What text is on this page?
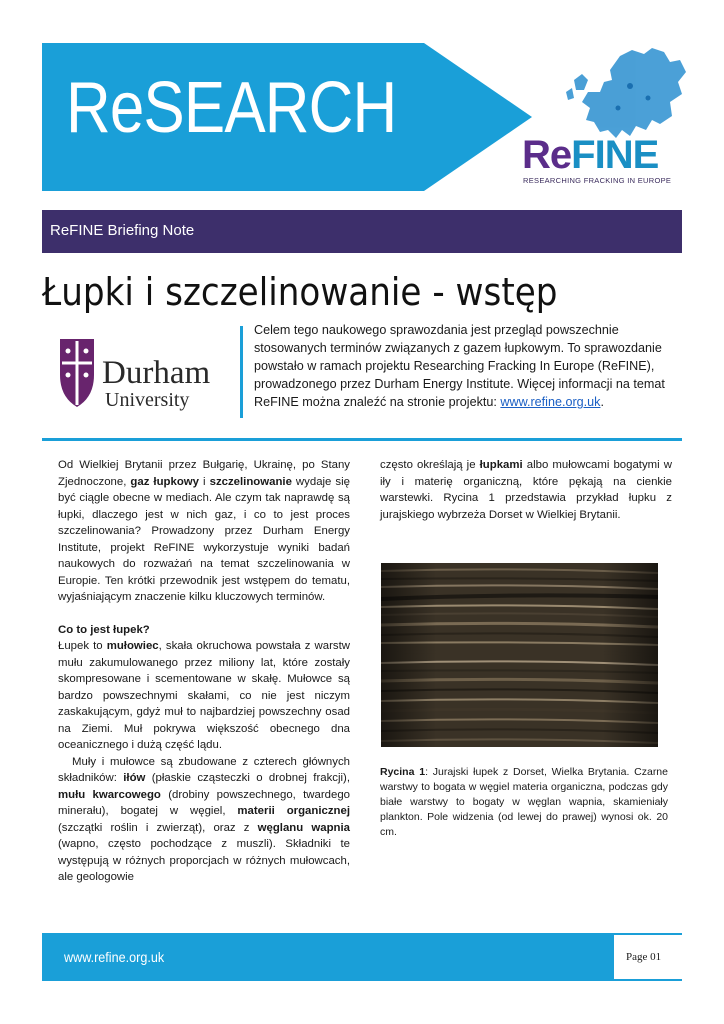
ReSEARCH
ReFINE
RESEARCHING FRACKING IN EUROPE
ReFINE Briefing Note
Łupki i szczelinowanie - wstęp
Durham
University
Celem tego naukowego sprawozdania jest przegląd powszechnie stosowanych terminów związanych z gazem łupkowym. To sprawozdanie powstało w ramach projektu Researching Fracking In Europe (ReFINE), prowadzonego przez Durham Energy Institute. Więcej informacji na temat ReFINE można znaleźć na stronie projektu: www.refine.org.uk.

Od Wielkiej Brytanii przez Bułgarię, Ukrainę, po Stany Zjednoczone, gaz łupkowy i szczelinowanie wydaje się być ciągle obecne w mediach. Ale czym tak naprawdę są łupki, dlaczego jest w nich gaz, i co to jest proces szczelinowania? Prowadzony przez Durham Energy Institute, projekt ReFINE wykorzystuje wyniki badań naukowych do rozważań na temat szczelinowania w Europie. Ten krótki przewodnik jest wstępem do tematu, wyjaśniającym znaczenie kilku kluczowych terminów.

Co to jest łupek?

Łupek to mułowiec, skała okruchowa powstała z warstw mułu zakumulowanego przez miliony lat, które zostały skompresowane i scementowane w skałę. Mułowce są bardzo powszechnymi skałami, co nie jest niczym zaskakującym, gdyż muł to najbardziej powszechny osad na Ziemi. Muł pokrywa większość obecnego dna oceanicznego i dużą część lądu.

Muły i mułowce są zbudowane z czterech głównych składników: iłów (płaskie cząsteczki o drobnej frakcji), mułu kwarcowego (drobiny powszechnego, twardego minerału), bogatej w węgiel, materii organicznej (szczątki roślin i zwierząt), oraz z węglanu wapnia (wapno, często pochodzące z muszli). Składniki te występują w różnych proporcjach w różnych mułowcach, ale geologowie

często określają je łupkami albo mułowcami bogatymi w iły i materię organiczną, które pękają na cienkie warstewki. Rycina 1 przedstawia przykład łupku z jurajskiego wybrzeża Dorset w Wielkiej Brytanii.

Rycina 1: Jurajski łupek z Dorset, Wielka Brytania. Czarne warstwy to bogata w węgiel materia organiczna, podczas gdy białe warstwy to bogaty w węglan wapnia, skamieniały plankton. Pole widzenia (od lewej do prawej) wynosi ok. 20 cm.
www.refine.org.uk	Page 01
